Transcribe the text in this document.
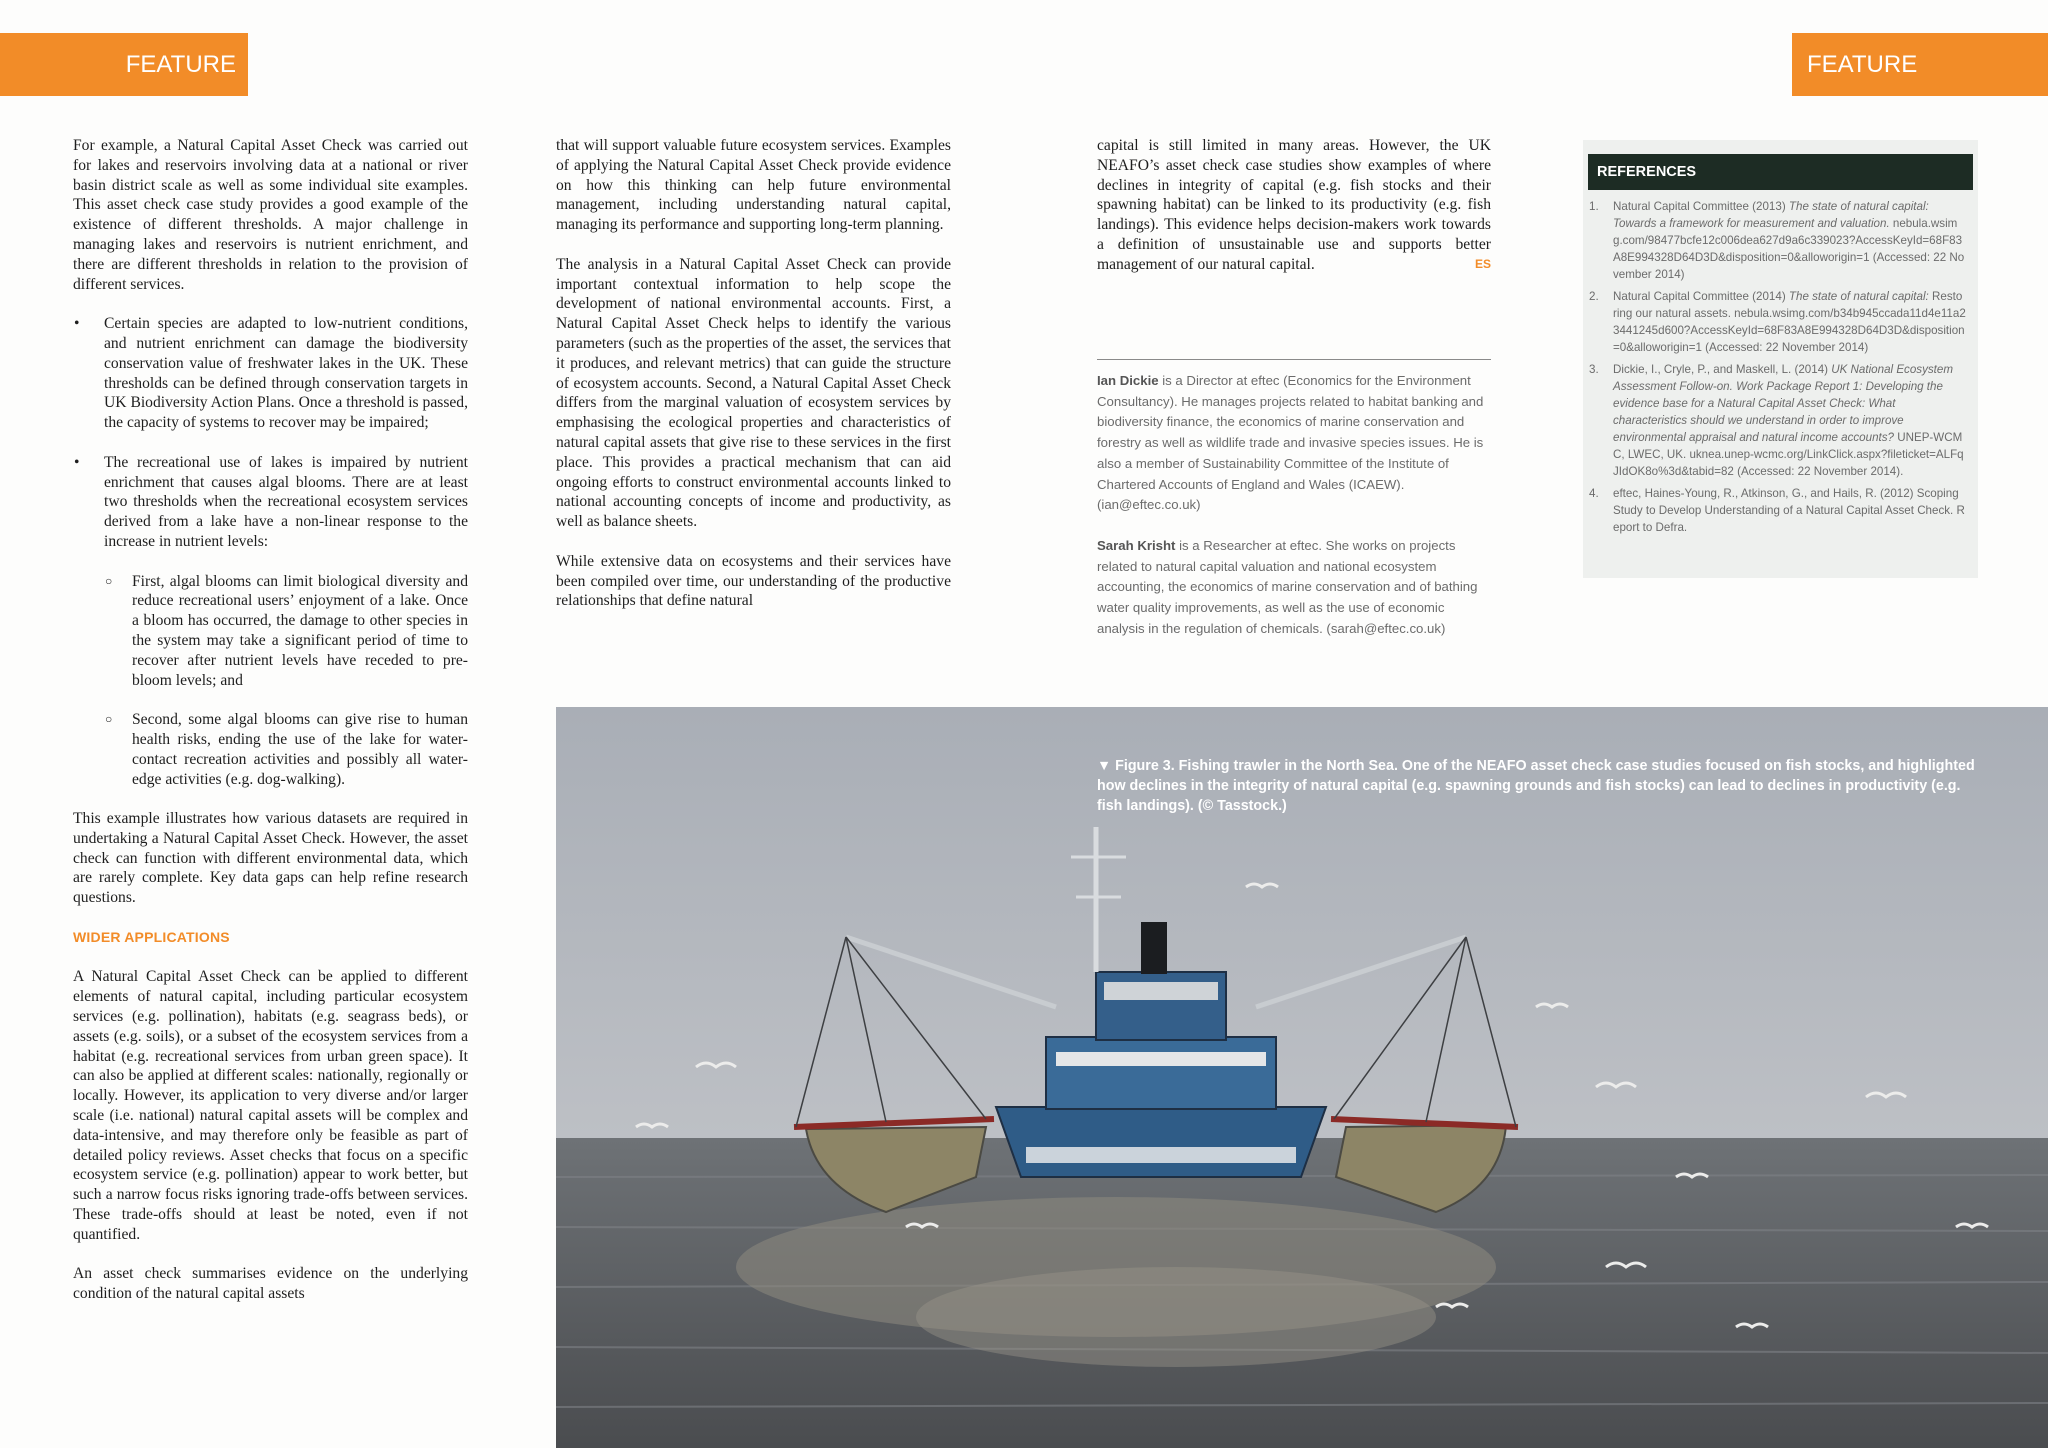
FEATURE	FEATURE

For example, a Natural Capital Asset Check was carried out for lakes and reservoirs involving data at a national or river basin district scale as well as some individual site examples. This asset check case study provides a good example of the existence of different thresholds. A major challenge in managing lakes and reservoirs is nutrient enrichment, and there are different thresholds in relation to the provision of different services.

• Certain species are adapted to low-nutrient conditions, and nutrient enrichment can damage the biodiversity conservation value of freshwater lakes in the UK. These thresholds can be defined through conservation targets in UK Biodiversity Action Plans. Once a threshold is passed, the capacity of systems to recover may be impaired;
• The recreational use of lakes is impaired by nutrient enrichment that causes algal blooms. There are at least two thresholds when the recreational ecosystem services derived from a lake have a non-linear response to the increase in nutrient levels:
○ First, algal blooms can limit biological diversity and reduce recreational users’ enjoyment of a lake. Once a bloom has occurred, the damage to other species in the system may take a significant period of time to recover after nutrient levels have receded to pre-bloom levels; and
○ Second, some algal blooms can give rise to human health risks, ending the use of the lake for water-contact recreation activities and possibly all water-edge activities (e.g. dog-walking).

This example illustrates how various datasets are required in undertaking a Natural Capital Asset Check. However, the asset check can function with different environmental data, which are rarely complete. Key data gaps can help refine research questions.

WIDER APPLICATIONS

A Natural Capital Asset Check can be applied to different elements of natural capital, including particular ecosystem services (e.g. pollination), habitats (e.g. seagrass beds), or assets (e.g. soils), or a subset of the ecosystem services from a habitat (e.g. recreational services from urban green space). It can also be applied at different scales: nationally, regionally or locally. However, its application to very diverse and/or larger scale (i.e. national) natural capital assets will be complex and data-intensive, and may therefore only be feasible as part of detailed policy reviews. Asset checks that focus on a specific ecosystem service (e.g. pollination) appear to work better, but such a narrow focus risks ignoring trade-offs between services. These trade-offs should at least be noted, even if not quantified.

An asset check summarises evidence on the underlying condition of the natural capital assets

that will support valuable future ecosystem services. Examples of applying the Natural Capital Asset Check provide evidence on how this thinking can help future environmental management, including understanding natural capital, managing its performance and supporting long-term planning.

The analysis in a Natural Capital Asset Check can provide important contextual information to help scope the development of national environmental accounts. First, a Natural Capital Asset Check helps to identify the various parameters (such as the properties of the asset, the services that it produces, and relevant metrics) that can guide the structure of ecosystem accounts. Second, a Natural Capital Asset Check differs from the marginal valuation of ecosystem services by emphasising the ecological properties and characteristics of natural capital assets that give rise to these services in the first place. This provides a practical mechanism that can aid ongoing efforts to construct environmental accounts linked to national accounting concepts of income and productivity, as well as balance sheets.

While extensive data on ecosystems and their services have been compiled over time, our understanding of the productive relationships that define natural

capital is still limited in many areas. However, the UK NEAFO’s asset check case studies show examples of where declines in integrity of capital (e.g. fish stocks and their spawning habitat) can be linked to its productivity (e.g. fish landings). This evidence helps decision-makers work towards a definition of unsustainable use and supports better management of our natural capital.	ES

Ian Dickie is a Director at eftec (Economics for the Environment Consultancy). He manages projects related to habitat banking and biodiversity finance, the economics of marine conservation and forestry as well as wildlife trade and invasive species issues. He is also a member of Sustainability Committee of the Institute of Chartered Accounts of England and Wales (ICAEW). (ian@eftec.co.uk)
Sarah Krisht is a Researcher at eftec. She works on projects related to natural capital valuation and national ecosystem accounting, the economics of marine conservation and of bathing water quality improvements, as well as the use of economic analysis in the regulation of chemicals. (sarah@eftec.co.uk)
REFERENCES
1.	Natural Capital Committee (2013) The state of natural capital: Towards a framework for measurement and valuation. nebula.wsimg.com/98477bcfe12c006dea627d9a6c339023?AccessKeyId=68F83A8E994328D64D3D&disposition=0&alloworigin=1 (Accessed: 22 November 2014)
2.	Natural Capital Committee (2014) The state of natural capital: Restoring our natural assets. nebula.wsimg.com/b34b945ccada11d4e11a23441245d600?AccessKeyId=68F83A8E994328D64D3D&disposition=0&alloworigin=1 (Accessed: 22 November 2014)
3.	Dickie, I., Cryle, P., and Maskell, L. (2014) UK National Ecosystem Assessment Follow-on. Work Package Report 1: Developing the evidence base for a Natural Capital Asset Check: What characteristics should we understand in order to improve environmental appraisal and natural income accounts? UNEP-WCMC, LWEC, UK. uknea.unep-wcmc.org/LinkClick.aspx?fileticket=ALFqJIdOK8o%3d&tabid=82 (Accessed: 22 November 2014).
4.	eftec, Haines-Young, R., Atkinson, G., and Hails, R. (2012) Scoping Study to Develop Understanding of a Natural Capital Asset Check. Report to Defra.
▼ Figure 3. Fishing trawler in the North Sea. One of the NEAFO asset check case studies focused on fish stocks, and highlighted how declines in the integrity of natural capital (e.g. spawning grounds and fish stocks) can lead to declines in productivity (e.g. fish landings). (© Tasstock.)
